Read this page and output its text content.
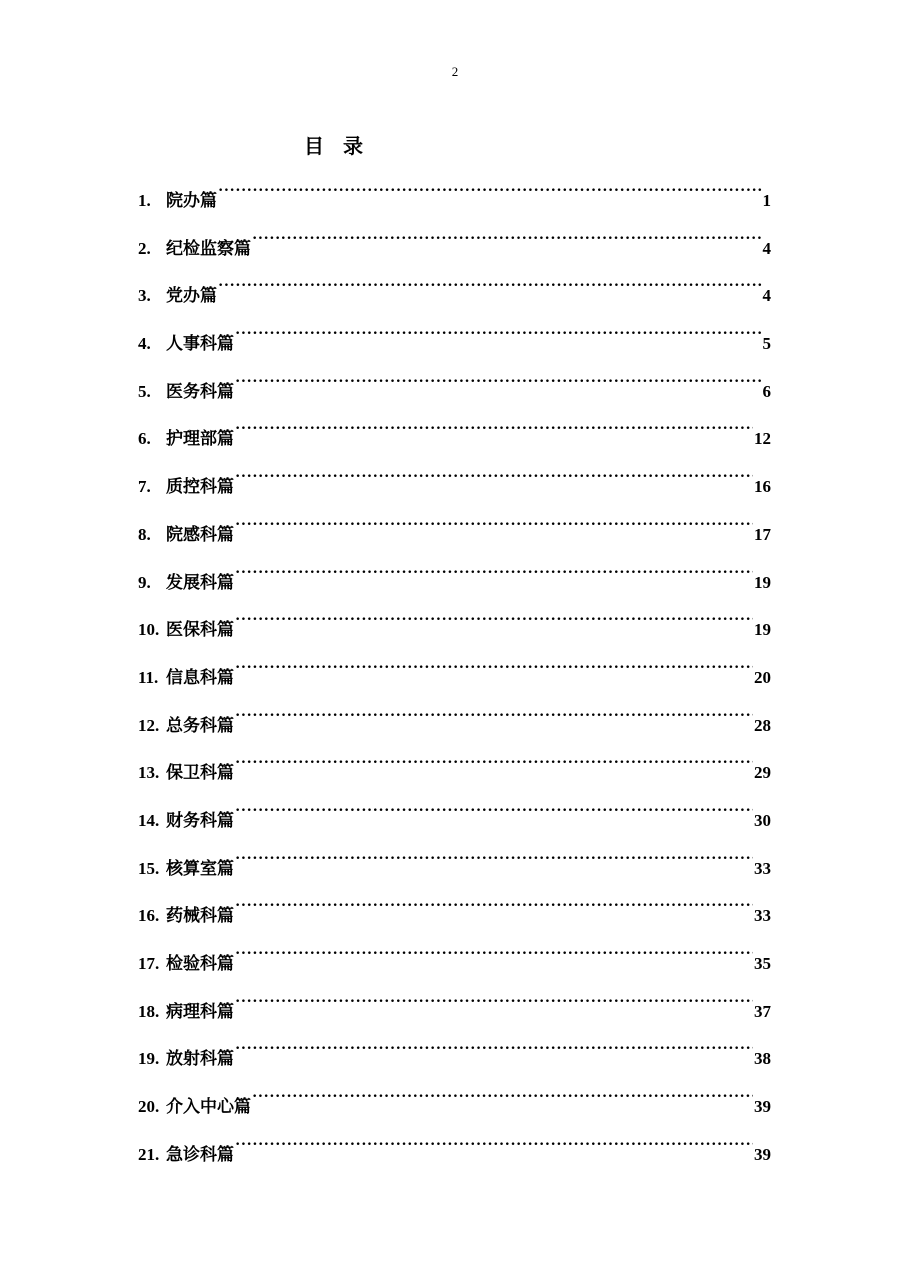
2
目 录
1. 院办篇 ·····	1
2. 纪检监察篇 ·····	4
3. 党办篇 ·····	4
4. 人事科篇 ·····	5
5. 医务科篇 ·····	6
6. 护理部篇 ·····	12
7. 质控科篇 ·····	16
8. 院感科篇 ·····	17
9. 发展科篇 ·····	19
10. 医保科篇 ·····	19
11. 信息科篇 ·····	20
12. 总务科篇 ·····	28
13. 保卫科篇 ·····	29
14. 财务科篇 ·····	30
15. 核算室篇 ·····	33
16. 药械科篇 ·····	33
17. 检验科篇 ·····	35
18. 病理科篇 ·····	37
19. 放射科篇 ·····	38
20. 介入中心篇 ·····	39
21. 急诊科篇 ·····	39
